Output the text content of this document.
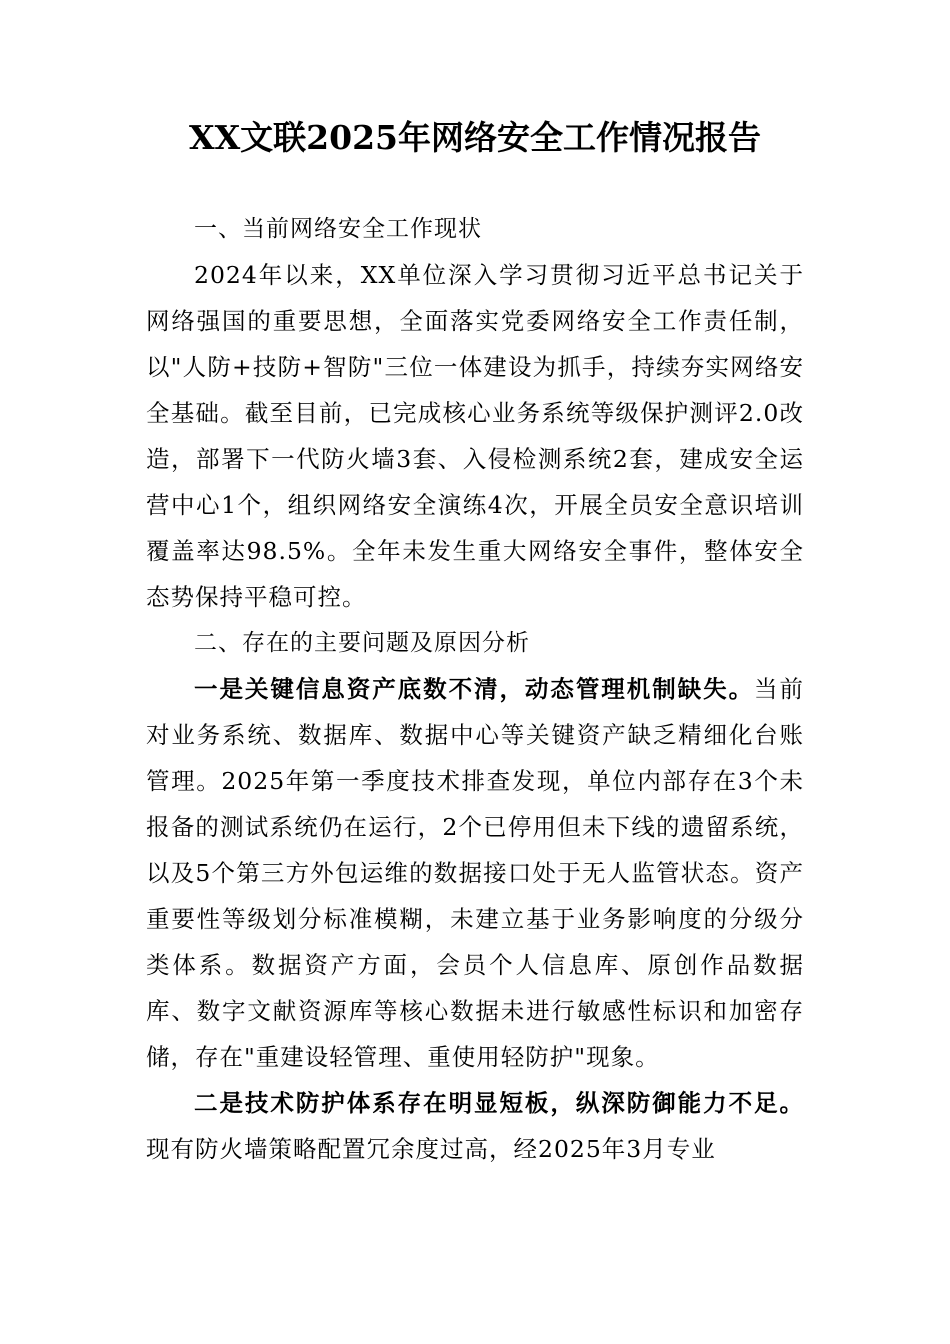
XX文联2025年网络安全工作情况报告

一、当前网络安全工作现状

2024年以来，XX单位深入学习贯彻习近平总书记关于网络强国的重要思想，全面落实党委网络安全工作责任制，以"人防+技防+智防"三位一体建设为抓手，持续夯实网络安全基础。截至目前，已完成核心业务系统等级保护测评2.0改造，部署下一代防火墙3套、入侵检测系统2套，建成安全运营中心1个，组织网络安全演练4次，开展全员安全意识培训覆盖率达98.5%。全年未发生重大网络安全事件，整体安全态势保持平稳可控。

二、存在的主要问题及原因分析

一是关键信息资产底数不清，动态管理机制缺失。当前对业务系统、数据库、数据中心等关键资产缺乏精细化台账管理。2025年第一季度技术排查发现，单位内部存在3个未报备的测试系统仍在运行，2个已停用但未下线的遗留系统，以及5个第三方外包运维的数据接口处于无人监管状态。资产重要性等级划分标准模糊，未建立基于业务影响度的分级分类体系。数据资产方面，会员个人信息库、原创作品数据库、数字文献资源库等核心数据未进行敏感性标识和加密存储，存在"重建设轻管理、重使用轻防护"现象。

二是技术防护体系存在明显短板，纵深防御能力不足。现有防火墙策略配置冗余度过高，经2025年3月专业
